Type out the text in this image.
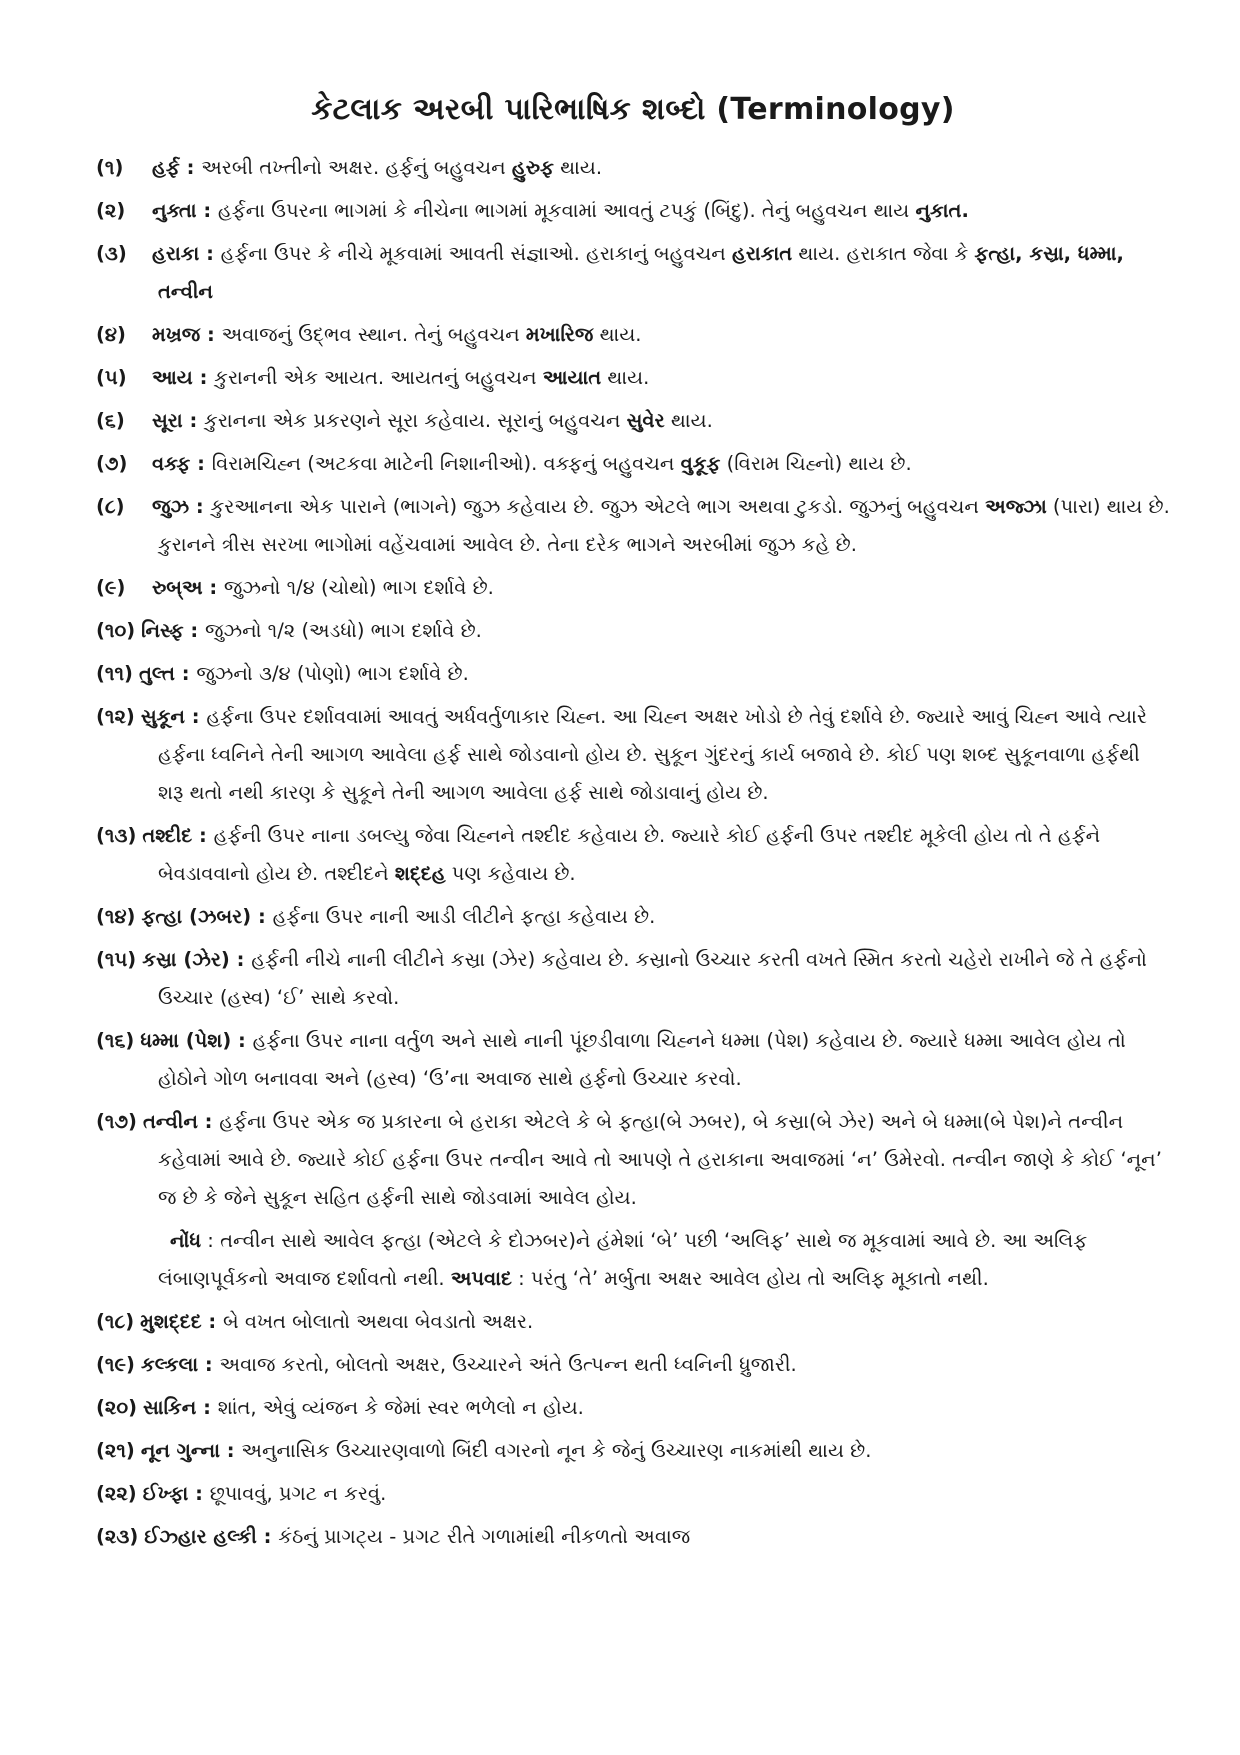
કેટલાક અરબી પારિભાષિક શબ્દો (Terminology)

(૧) હર્ફ : અરબી તખ્તીનો અક્ષર. હર્ફનું બહુવચન હુરુફ થાય.

(૨) નુક્તા : હર્ફના ઉપરના ભાગમાં કે નીચેના ભાગમાં મૂકવામાં આવતું ટપકું (બિંદુ). તેનું બહુવચન થાય નુકાત.

(૩) હરાકા : હર્ફના ઉપર કે નીચે મૂકવામાં આવતી સંજ્ઞાઓ. હરાકાનું બહુવચન હરાકાત થાય. હરાકાત જેવા કે ફત્હા, કસ્રા, ધમ્મા, તન્વીન

(૪) મખ્રજ : અવાજનું ઉદ્ભવ સ્થાન. તેનું બહુવચન મખારિજ થાય.

(૫) આય : કુરાનની એક આયત. આયતનું બહુવચન આયાત થાય.

(૬) સૂરા : કુરાનના એક પ્રકરણને સૂરા કહેવાય. સૂરાનું બહુવચન સુવેર થાય.

(૭) વક્ફ : વિરામચિહ્ન (અટકવા માટેની નિશાનીઓ). વક્ફનું બહુવચન વુકૂફ (વિરામ ચિહ્નો) થાય છે.

(૮) જુઝ : કુરઆનના એક પારાને (ભાગને) જુઝ કહેવાય છે. જુઝ એટલે ભાગ અથવા ટુકડો. જુઝનું બહુવચન અજ્ઝા (પારા) થાય છે. કુરાનને ત્રીસ સરખા ભાગોમાં વહેંચવામાં આવેલ છે. તેના દરેક ભાગને અરબીમાં જુઝ કહે છે.

(૯) રુબ્અ : જુઝનો ૧/૪ (ચોથો) ભાગ દર્શાવે છે.

(૧૦) નિસ્ફ : જુઝનો ૧/૨ (અડધો) ભાગ દર્શાવે છે.

(૧૧) તુલ્ત : જુઝનો ૩/૪ (પોણો) ભાગ દર્શાવે છે.

(૧૨) સુકૂન : હર્ફના ઉપર દર્શાવવામાં આવતું અર્ધવર્તુળાકાર ચિહ્ન. આ ચિહ્ન અક્ષર ખોડો છે તેવું દર્શાવે છે. જ્યારે આવું ચિહ્ન આવે ત્યારે હર્ફના ધ્વનિને તેની આગળ આવેલા હર્ફ સાથે જોડવાનો હોય છે. સુકૂન ગુંદરનું કાર્ય બજાવે છે. કોઈ પણ શબ્દ સુકૂનવાળા હર્ફથી શરૂ થતો નથી કારણ કે સુકૂને તેની આગળ આવેલા હર્ફ સાથે જોડાવાનું હોય છે.

(૧૩) તશ્દીદ : હર્ફની ઉપર નાના ડબલ્યુ જેવા ચિહ્નને તશ્દીદ કહેવાય છે. જ્યારે કોઈ હર્ફની ઉપર તશ્દીદ મૂકેલી હોય તો તે હર્ફને બેવડાવવાનો હોય છે. તશ્દીદને શદ્દહ પણ કહેવાય છે.

(૧૪) ફત્હા (ઝબર) : હર્ફના ઉપર નાની આડી લીટીને ફત્હા કહેવાય છે.

(૧૫) કસ્રા (ઝેર) : હર્ફની નીચે નાની લીટીને કસ્રા (ઝેર) કહેવાય છે. કસ્રાનો ઉચ્ચાર કરતી વખતે સ્મિત કરતો ચહેરો રાખીને જે તે હર્ફનો ઉચ્ચાર (હસ્વ) ‘ઈ’ સાથે કરવો.

(૧૬) ધમ્મા (પેશ) : હર્ફના ઉપર નાના વર્તુળ અને સાથે નાની પૂંછડીવાળા ચિહ્નને ધમ્મા (પેશ) કહેવાય છે. જ્યારે ધમ્મા આવેલ હોય તો હોઠોને ગોળ બનાવવા અને (હસ્વ) ‘ઉ’ના અવાજ સાથે હર્ફનો ઉચ્ચાર કરવો.

(૧૭) તન્વીન : હર્ફના ઉપર એક જ પ્રકારના બે હરાકા એટલે કે બે ફત્હા(બે ઝબર), બે કસ્રા(બે ઝેર) અને બે ધમ્મા(બે પેશ)ને તન્વીન કહેવામાં આવે છે. જ્યારે કોઈ હર્ફના ઉપર તન્વીન આવે તો આપણે તે હરાકાના અવાજમાં ‘ન’ ઉમેરવો. તન્વીન જાણે કે કોઈ ‘નૂન’ જ છે કે જેને સુકૂન સહિત હર્ફની સાથે જોડવામાં આવેલ હોય.

નોંધ : તન્વીન સાથે આવેલ ફત્હા (એટલે કે દોઝબર)ને હંમેશાં ‘બે’ પછી ‘અલિફ’ સાથે જ મૂકવામાં આવે છે. આ અલિફ લંબાણપૂર્વકનો અવાજ દર્શાવતો નથી. અપવાદ : પરંતુ ‘તે’ મર્બુતા અક્ષર આવેલ હોય તો અલિફ મૂકાતો નથી.

(૧૮) મુશદ્દદ : બે વખત બોલાતો અથવા બેવડાતો અક્ષર.

(૧૯) કલ્કલા : અવાજ કરતો, બોલતો અક્ષર, ઉચ્ચારને અંતે ઉત્પન્ન થતી ધ્વનિની ધ્રુજારી.

(૨૦) સાકિન : શાંત, એવું વ્યંજન કે જેમાં સ્વર ભળેલો ન હોય.

(૨૧) નૂન ગુન્ના : અનુનાસિક ઉચ્ચારણવાળો બિંદી વગરનો નૂન કે જેનું ઉચ્ચારણ નાકમાંથી થાય છે.

(૨૨) ઈખ્ફા : છૂપાવવું, પ્રગટ ન કરવું.

(૨૩) ઈઝ્હાર હલ્કી : કંઠનું પ્રાગટ્ય - પ્રગટ રીતે ગળામાંથી નીકળતો અવાજ
